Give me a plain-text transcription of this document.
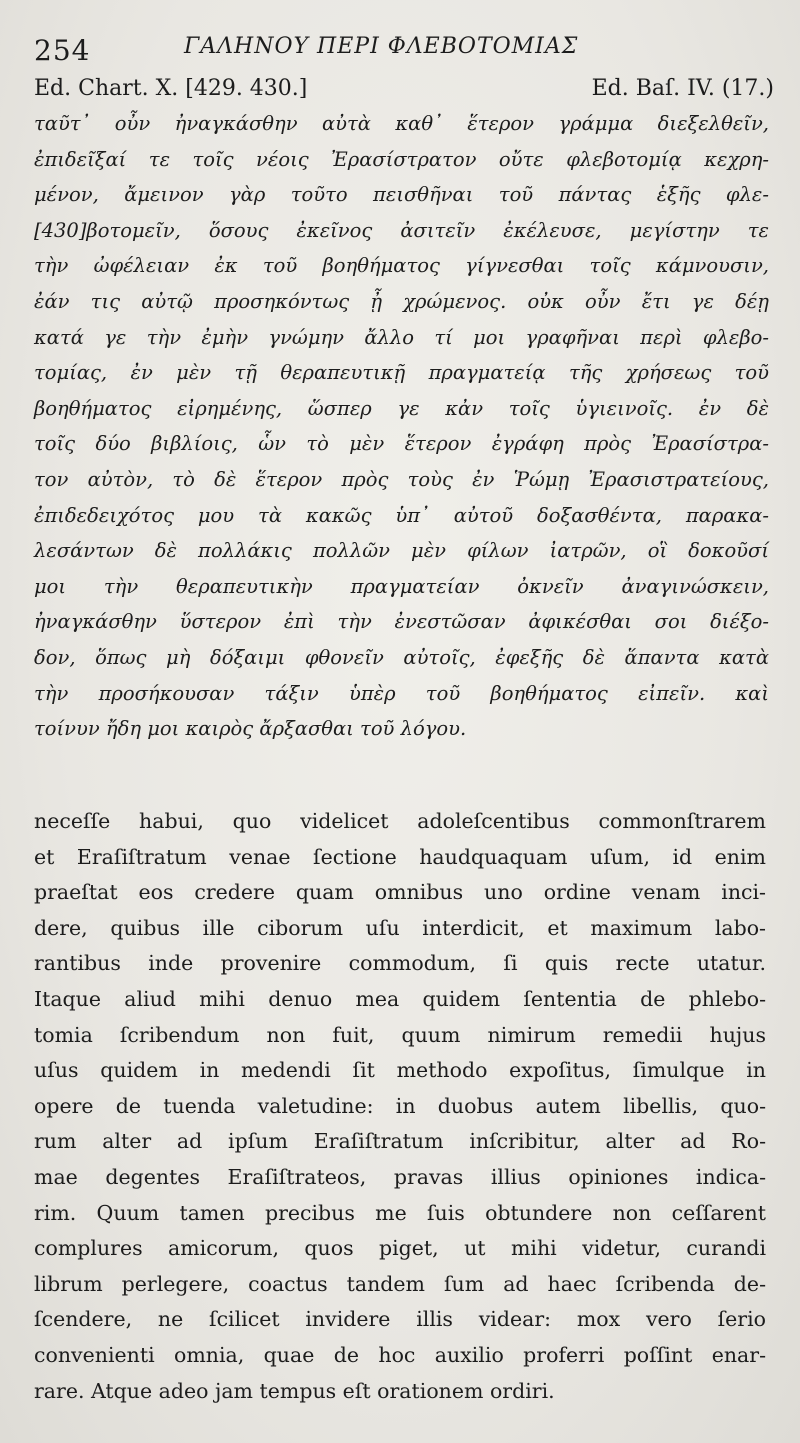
254	ΓΑΛΗΝΟΥ ΠΕΡΙ ΦΛΕΒΟΤΟΜΙΑΣ
Ed. Chart. X. [429. 430.]	Ed. Baſ. IV. (17.)
ταῦτ᾽ οὖν ἠναγκάσθην αὐτὰ καθ᾽ ἕτερον γράμμα διεξελθεῖν,
ἐπιδεῖξαί τε τοῖς νέοις Ἐρασίστρατον οὔτε φλεβοτομίᾳ κεχρη-
μένον, ἄμεινον γὰρ τοῦτο πεισθῆναι τοῦ πάντας ἑξῆς φλε-
[430]βοτομεῖν, ὅσους ἐκεῖνος ἀσιτεῖν ἐκέλευσε, μεγίστην τε
τὴν ὠφέλειαν ἐκ τοῦ βοηθήματος γίγνεσθαι τοῖς κάμνουσιν,
ἐάν τις αὐτῷ προσηκόντως ᾖ χρώμενος. οὐκ οὖν ἔτι γε δέῃ
κατά γε τὴν ἐμὴν γνώμην ἄλλο τί μοι γραφῆναι περὶ φλεβο-
τομίας, ἐν μὲν τῇ θεραπευτικῇ πραγματείᾳ τῆς χρήσεως τοῦ
βοηθήματος εἰρημένης, ὥσπερ γε κἀν τοῖς ὑγιεινοῖς. ἐν δὲ
τοῖς δύο βιβλίοις, ὧν τὸ μὲν ἕτερον ἐγράφη πρὸς Ἐρασίστρα-
τον αὐτὸν, τὸ δὲ ἕτερον πρὸς τοὺς ἐν Ῥώμῃ Ἐρασιστρατείους,
ἐπιδεδειχότος μου τὰ κακῶς ὑπ᾽ αὐτοῦ δοξασθέντα, παρακα-
λεσάντων δὲ πολλάκις πολλῶν μὲν φίλων ἰατρῶν, οἳ δοκοῦσί
μοι τὴν θεραπευτικὴν πραγματείαν ὀκνεῖν ἀναγινώσκειν,
ἠναγκάσθην ὕστερον ἐπὶ τὴν ἐνεστῶσαν ἀφικέσθαι σοι διέξο-
δον, ὅπως μὴ δόξαιμι φθονεῖν αὐτοῖς, ἐφεξῆς δὲ ἅπαντα κατὰ
τὴν προσήκουσαν τάξιν ὑπὲρ τοῦ βοηθήματος εἰπεῖν. καὶ
τοίνυν ἤδη μοι καιρὸς ἄρξασθαι τοῦ λόγου.
neceſſe habui, quo videlicet adoleſcentibus commonſtrarem
et Eraſiſtratum venae ſectione haudquaquam uſum, id enim
praeſtat eos credere quam omnibus uno ordine venam inci-
dere, quibus ille ciborum uſu interdicit, et maximum labo-
rantibus inde provenire commodum, ſi quis recte utatur.
Itaque aliud mihi denuo mea quidem ſententia de phlebo-
tomia ſcribendum non fuit, quum nimirum remedii hujus
uſus quidem in medendi ſit methodo expoſitus, ſimulque in
opere de tuenda valetudine: in duobus autem libellis, quo-
rum alter ad ipſum Eraſiſtratum inſcribitur, alter ad Ro-
mae degentes Eraſiſtrateos, pravas illius opiniones indica-
rim. Quum tamen precibus me ſuis obtundere non ceſſarent
complures amicorum, quos piget, ut mihi videtur, curandi
librum perlegere, coactus tandem ſum ad haec ſcribenda de-
ſcendere, ne ſcilicet invidere illis videar: mox vero ſerio
convenienti omnia, quae de hoc auxilio proferri poſſint enar-
rare. Atque adeo jam tempus eſt orationem ordiri.
